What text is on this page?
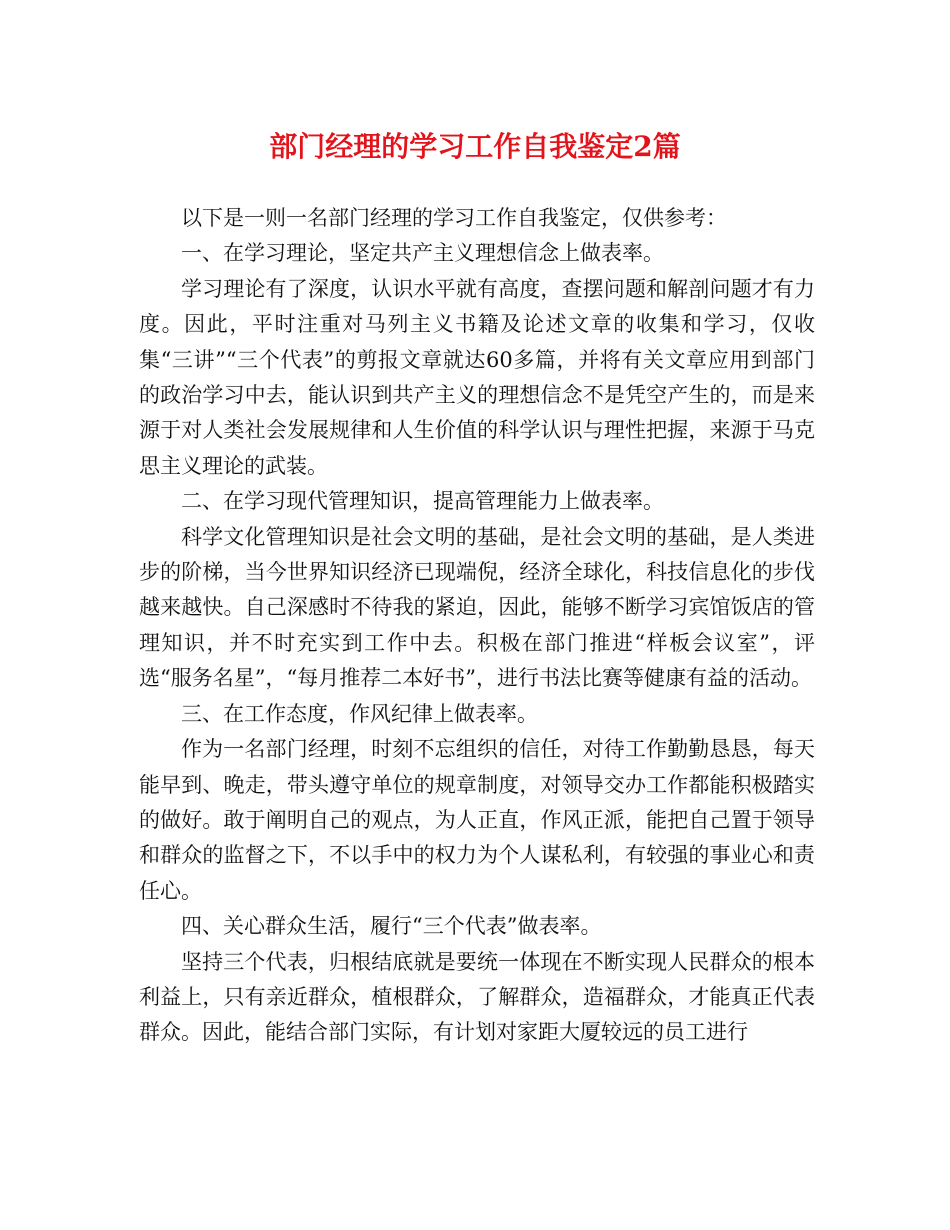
部门经理的学习工作自我鉴定2篇

以下是一则一名部门经理的学习工作自我鉴定，仅供参考：

一、在学习理论，坚定共产主义理想信念上做表率。

学习理论有了深度，认识水平就有高度，查摆问题和解剖问题才有力度。因此，平时注重对马列主义书籍及论述文章的收集和学习，仅收集“三讲”“三个代表”的剪报文章就达60多篇，并将有关文章应用到部门的政治学习中去，能认识到共产主义的理想信念不是凭空产生的，而是来源于对人类社会发展规律和人生价值的科学认识与理性把握，来源于马克思主义理论的武装。

二、在学习现代管理知识，提高管理能力上做表率。

科学文化管理知识是社会文明的基础，是社会文明的基础，是人类进步的阶梯，当今世界知识经济已现端倪，经济全球化，科技信息化的步伐越来越快。自己深感时不待我的紧迫，因此，能够不断学习宾馆饭店的管理知识，并不时充实到工作中去。积极在部门推进“样板会议室”，评选“服务名星”，“每月推荐二本好书”，进行书法比赛等健康有益的活动。

三、在工作态度，作风纪律上做表率。

作为一名部门经理，时刻不忘组织的信任，对待工作勤勤恳恳，每天能早到、晚走，带头遵守单位的规章制度，对领导交办工作都能积极踏实的做好。敢于阐明自己的观点，为人正直，作风正派，能把自己置于领导和群众的监督之下，不以手中的权力为个人谋私利，有较强的事业心和责任心。

四、关心群众生活，履行“三个代表”做表率。

坚持三个代表，归根结底就是要统一体现在不断实现人民群众的根本利益上，只有亲近群众，植根群众，了解群众，造福群众，才能真正代表群众。因此，能结合部门实际，有计划对家距大厦较远的员工进行
